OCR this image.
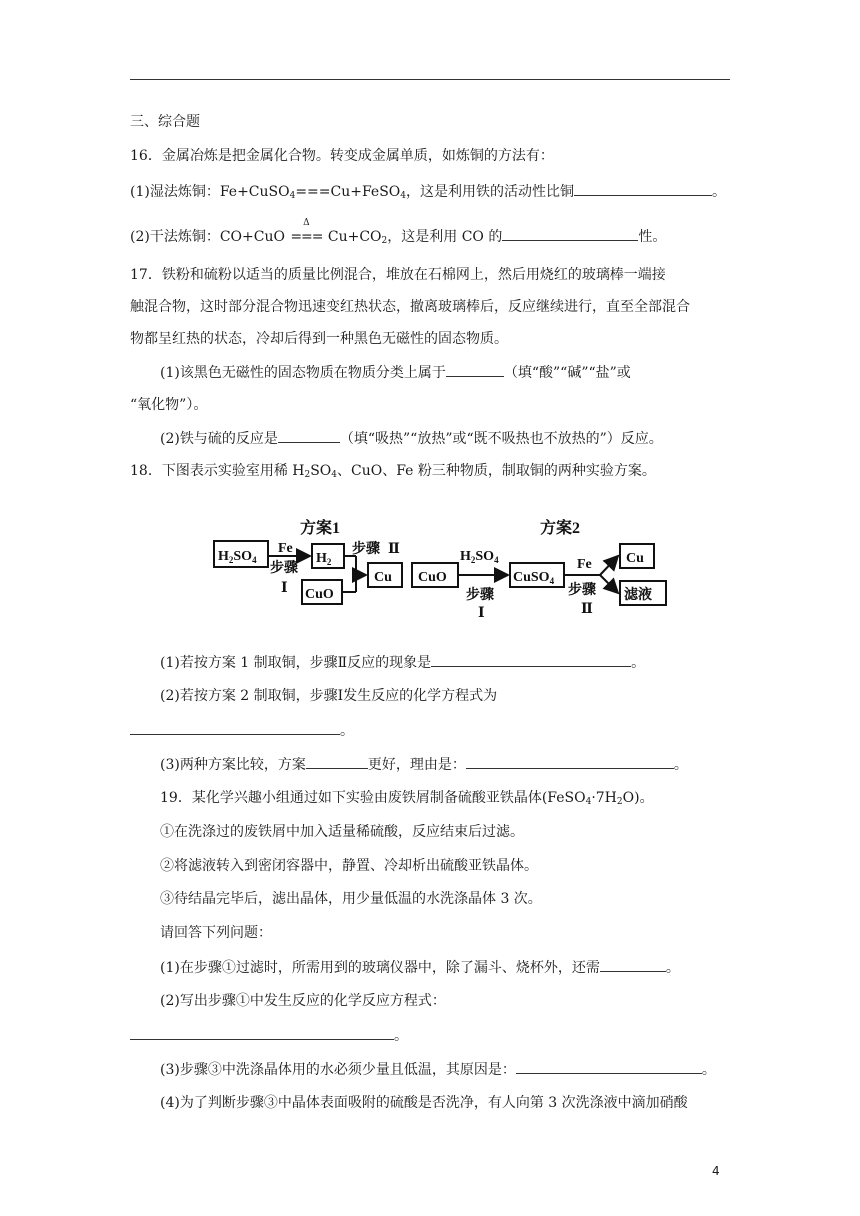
三、综合题
16．金属冶炼是把金属化合物。转变成金属单质，如炼铜的方法有：
(1)湿法炼铜：Fe+CuSO$_4$===Cu+FeSO$_4$，这是利用铁的活动性比铜	。
(2)干法炼铜：CO+CuO
Δ
=== $Cu+CO_2$，这是利用 CO 的	性。
17．铁粉和硫粉以适当的质量比例混合，堆放在石棉网上，然后用烧红的玻璃棒一端接
触混合物，这时部分混合物迅速变红热状态，撤离玻璃棒后，反应继续进行，直至全部混合
物都呈红热的状态，冷却后得到一种黑色无磁性的固态物质。
(1)该黑色无磁性的固态物质在物质分类上属于	（填“酸”“碱”“盐”或
“氧化物”）。
(2)铁与硫的反应是	（填“吸热”“放热”或“既不吸热也不放热的”）反应。
18．下图表示实验室用稀 $H_2SO_4$、CuO、Fe 粉三种物质，制取铜的两种实验方案。
方案1	方案2
$H_2SO_4$
Fe
步骤
Ⅰ
$H_2$
CuO
步骤 Ⅱ
Cu CuO
$H_2SO_4$
步骤
Ⅰ
CuSO$_4$
Fe
步骤
Ⅱ
Cu
滤液
(1)若按方案 1 制取铜，步骤Ⅱ反应的现象是	。
(2)若按方案 2 制取铜，步骤Ⅰ发生反应的化学方程式为
。
(3)两种方案比较，方案	更好，理由是：	。
19．某化学兴趣小组通过如下实验由废铁屑制备硫酸亚铁晶体$(FeSO_4\cdot 7H_2O)$。
①在洗涤过的废铁屑中加入适量稀硫酸，反应结束后过滤。
②将滤液转入到密闭容器中，静置、冷却析出硫酸亚铁晶体。
③待结晶完毕后，滤出晶体，用少量低温的水洗涤晶体 3 次。
请回答下列问题：
(1)在步骤①过滤时，所需用到的玻璃仪器中，除了漏斗、烧杯外，还需	。
(2)写出步骤①中发生反应的化学反应方程式：
。
(3)步骤③中洗涤晶体用的水必须少量且低温，其原因是：	。
(4)为了判断步骤③中晶体表面吸附的硫酸是否洗净，有人向第 3 次洗涤液中滴加硝酸
4
